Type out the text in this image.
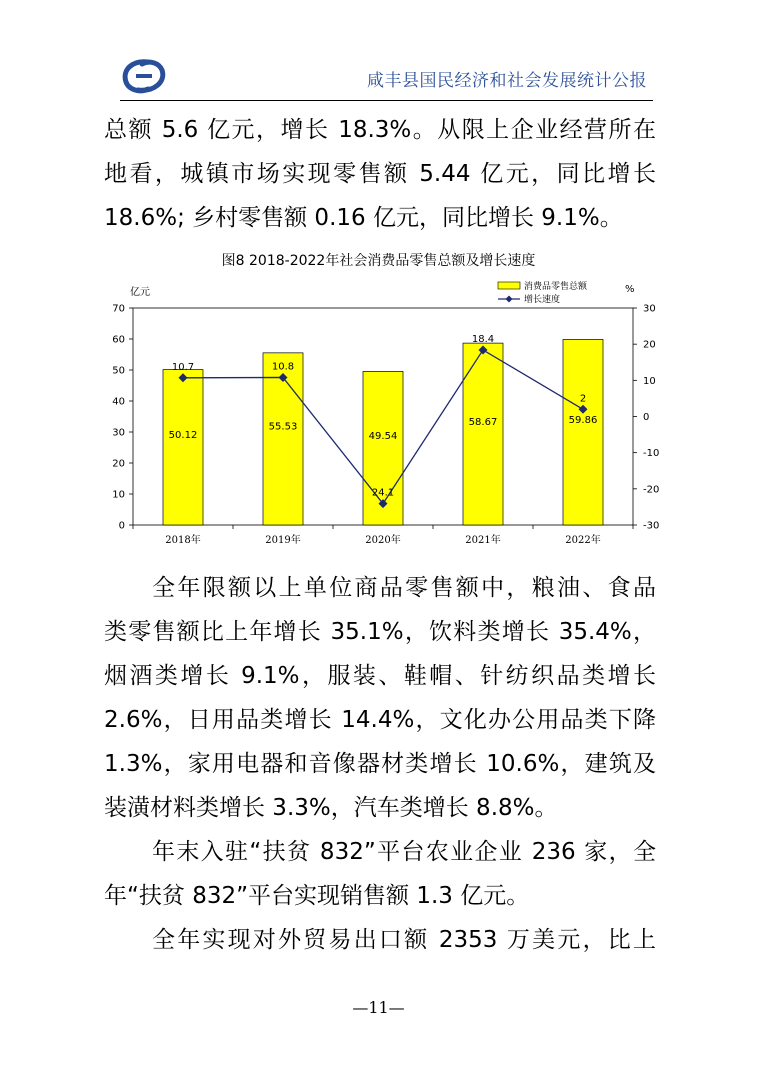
咸丰县国民经济和社会发展统计公报
总额 5.6 亿元，增长 18.3%。从限上企业经营所在
地看，城镇市场实现零售额 5.44 亿元，同比增长
18.6%; 乡村零售额 0.16 亿元，同比增长 9.1%。
图8 2018-2022年社会消费品零售总额及增长速度
亿元	%
消费品零售总额
增长速度
0
10
20
30
40
50
60
70
-30
-20
-10
0
10
20
30
50.12
2018年
55.53
2019年
49.54
2020年
58.67
2021年
59.86
2022年
10.7	10.8
24.1
18.4
2
全年限额以上单位商品零售额中，粮油、食品
类零售额比上年增长 35.1%，饮料类增长 35.4%，
烟酒类增长 9.1%，服装、鞋帽、针纺织品类增长
2.6%，日用品类增长 14.4%，文化办公用品类下降
1.3%，家用电器和音像器材类增长 10.6%，建筑及
装潢材料类增长 3.3%，汽车类增长 8.8%。
年末入驻“扶贫 832”平台农业企业 236 家，全
年“扶贫 832”平台实现销售额 1.3 亿元。
全年实现对外贸易出口额 2353 万美元，比上
—11—
